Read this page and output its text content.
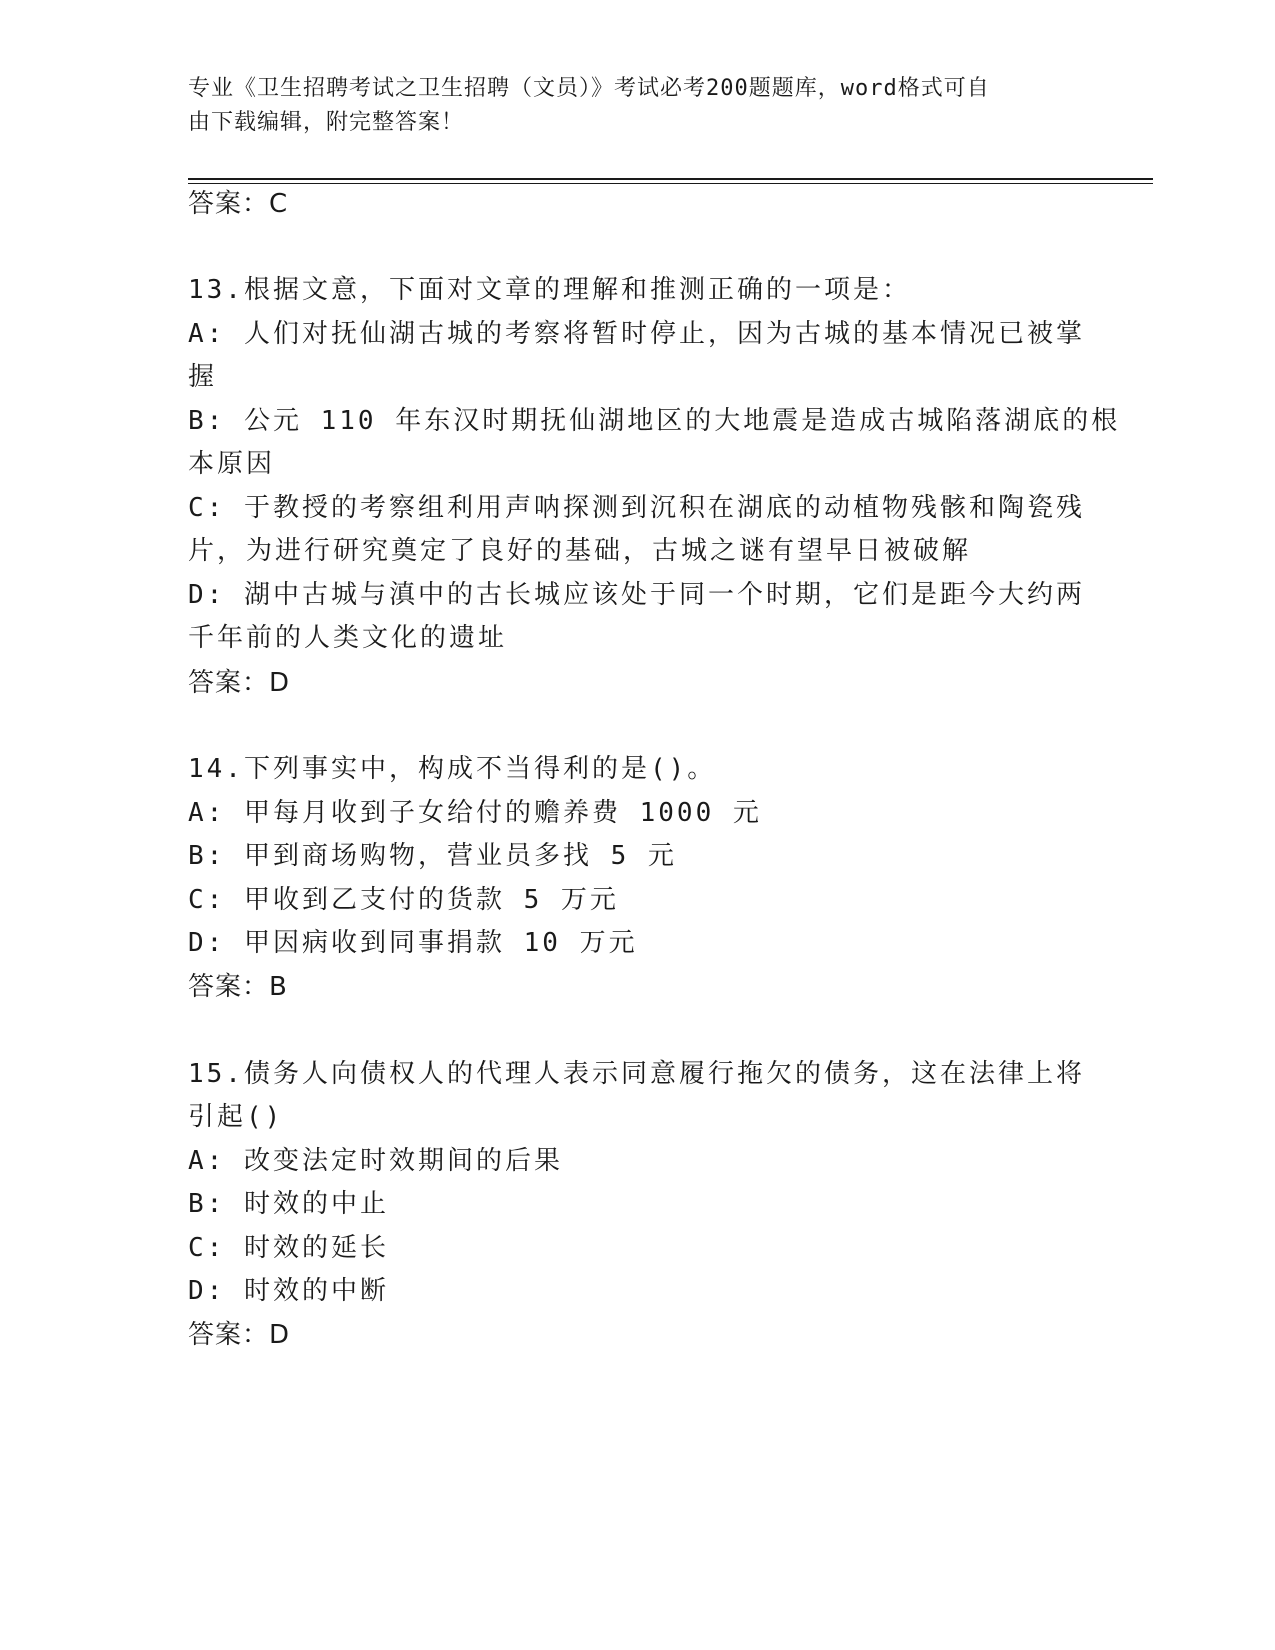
专业《卫生招聘考试之卫生招聘（文员）》考试必考200题题库，word格式可自
由下载编辑，附完整答案！
答案：C
13.根据文意，下面对文章的理解和推测正确的一项是：
A: 人们对抚仙湖古城的考察将暂时停止，因为古城的基本情况已被掌
握
B: 公元 110 年东汉时期抚仙湖地区的大地震是造成古城陷落湖底的根
本原因
C: 于教授的考察组利用声呐探测到沉积在湖底的动植物残骸和陶瓷残
片，为进行研究奠定了良好的基础，古城之谜有望早日被破解
D: 湖中古城与滇中的古长城应该处于同一个时期，它们是距今大约两
千年前的人类文化的遗址
答案：D
14.下列事实中，构成不当得利的是()。
A: 甲每月收到子女给付的赡养费 1000 元
B: 甲到商场购物，营业员多找 5 元
C: 甲收到乙支付的货款 5 万元
D: 甲因病收到同事捐款 10 万元
答案：B
15.债务人向债权人的代理人表示同意履行拖欠的债务，这在法律上将
引起()
A: 改变法定时效期间的后果
B: 时效的中止
C: 时效的延长
D: 时效的中断
答案：D
